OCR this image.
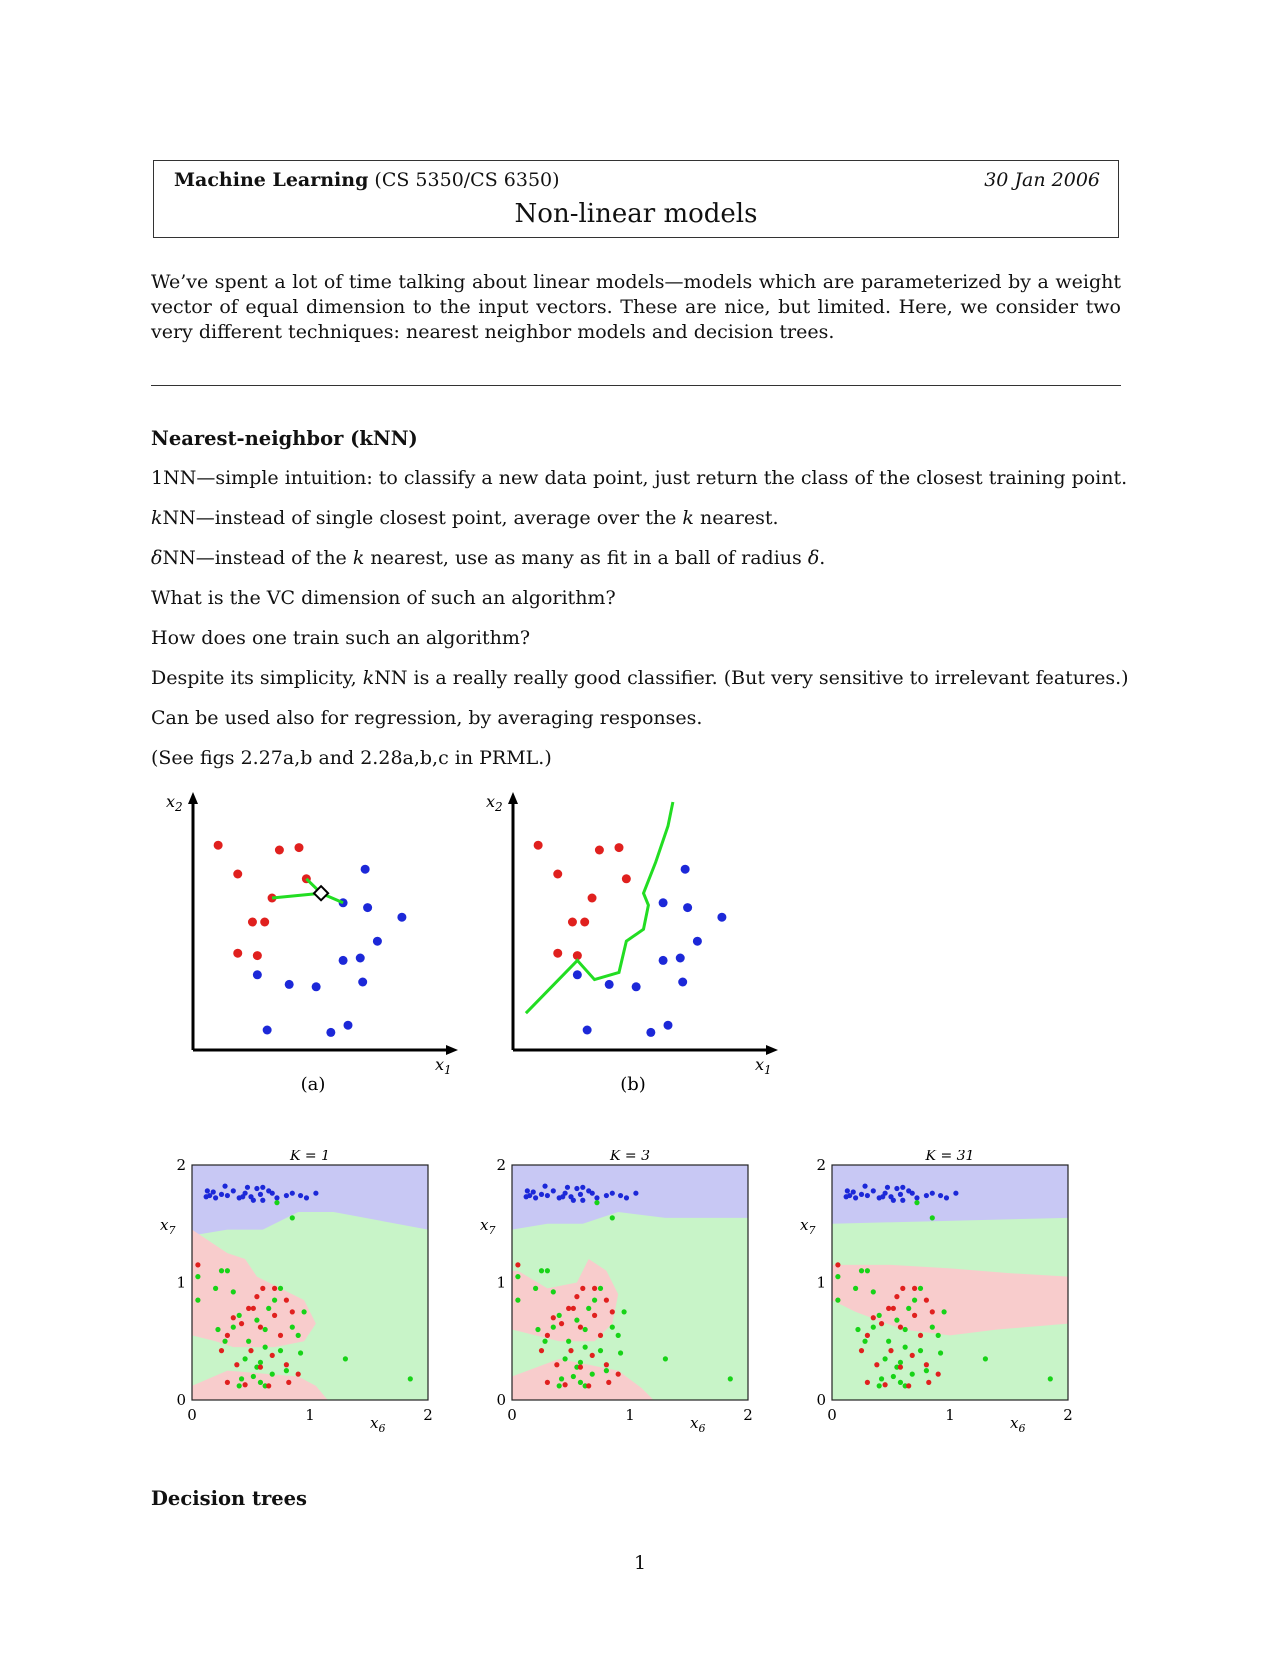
Machine Learning (CS 5350/CS 6350)	30 Jan 2006
Non-linear models
We’ve spent a lot of time talking about linear models—models which are parameterized by a weight vector of equal dimension to the input vectors. These are nice, but limited. Here, we consider two very different techniques: nearest neighbor models and decision trees.
Nearest-neighbor (kNN)
1NN—simple intuition: to classify a new data point, just return the class of the closest training point.
kNN—instead of single closest point, average over the k nearest.
δNN—instead of the k nearest, use as many as fit in a ball of radius δ.
What is the VC dimension of such an algorithm?
How does one train such an algorithm?
Despite its simplicity, kNN is a really really good classifier. (But very sensitive to irrelevant features.)
Can be used also for regression, by averaging responses.
(See figs 2.27a,b and 2.28a,b,c in PRML.)
$x_2$
$x_1$
(a)
$x_2$
$x_1$
(b)
K = 1
0
1
2
0	1	2
$x_7$
$x_6$
K = 3
0
1
2
0	1	2
$x_7$
$x_6$
K = 31
0
1
2
0	1	2
$x_7$
$x_6$
Decision trees
1
